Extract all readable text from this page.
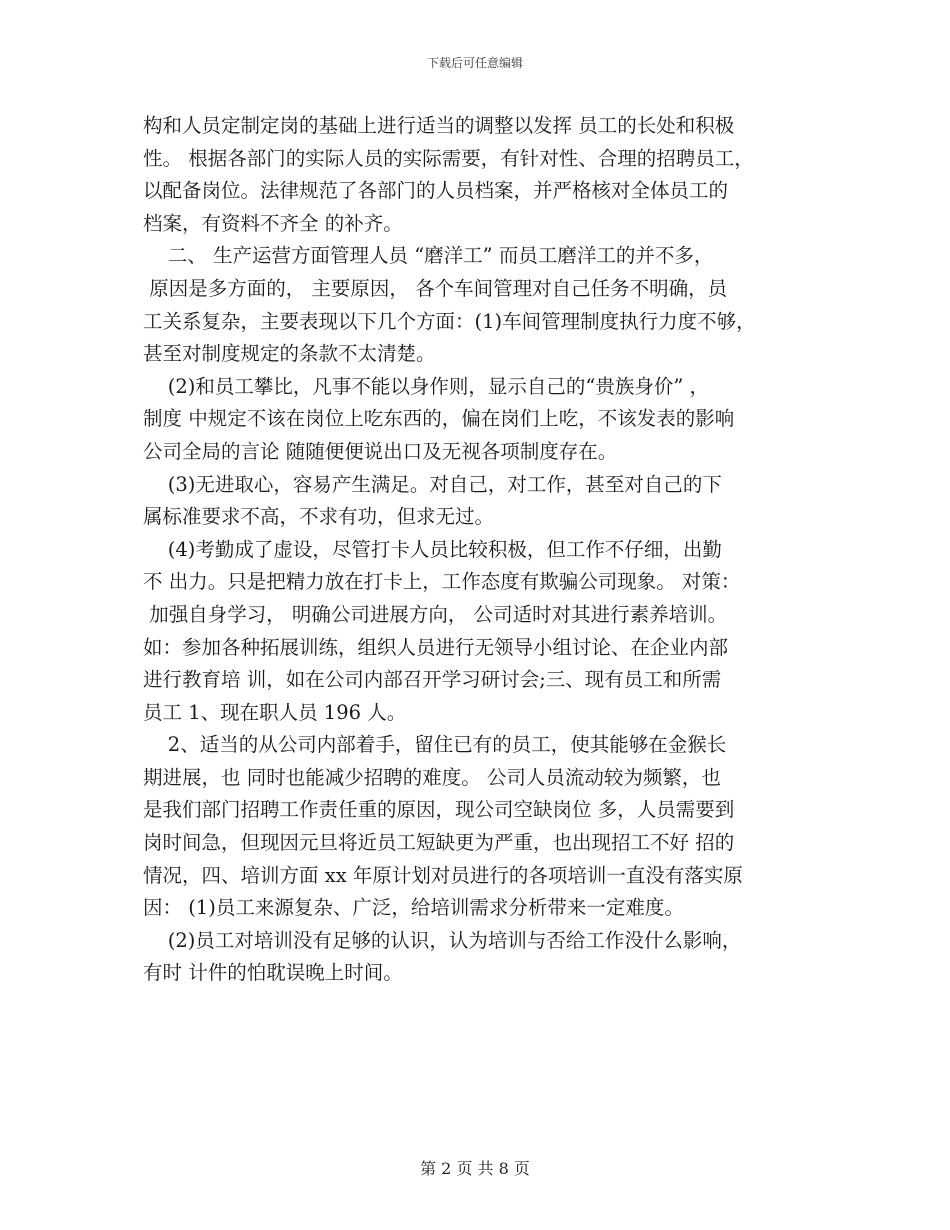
下载后可任意编辑
构和人员定制定岗的基础上进行适当的调整以发挥 员工的长处和积极
性。 根据各部门的实际人员的实际需要，有针对性、合理的招聘员工，
以配备岗位。法律规范了各部门的人员档案，并严格核对全体员工的
档案，有资料不齐全 的补齐。
二、 生产运营方面管理人员 “磨洋工” 而员工磨洋工的并不多，
原因是多方面的， 主要原因， 各个车间管理对自己任务不明确，员
工关系复杂，主要表现以下几个方面：(1)车间管理制度执行力度不够，
甚至对制度规定的条款不太清楚。
(2)和员工攀比，凡事不能以身作则，显示自己的“贵族身价” ，
制度 中规定不该在岗位上吃东西的，偏在岗们上吃，不该发表的影响
公司全局的言论 随随便便说出口及无视各项制度存在。
(3)无进取心，容易产生满足。对自己，对工作，甚至对自己的下
属标准要求不高，不求有功，但求无过。
(4)考勤成了虚设，尽管打卡人员比较积极，但工作不仔细，出勤
不 出力。只是把精力放在打卡上，工作态度有欺骗公司现象。 对策：
加强自身学习， 明确公司进展方向， 公司适时对其进行素养培训。
如：参加各种拓展训练，组织人员进行无领导小组讨论、在企业内部
进行教育培 训，如在公司内部召开学习研讨会;三、现有员工和所需
员工 1、现在职人员 196 人。
2、适当的从公司内部着手，留住已有的员工，使其能够在金猴长
期进展，也 同时也能减少招聘的难度。 公司人员流动较为频繁，也
是我们部门招聘工作责任重的原因，现公司空缺岗位 多，人员需要到
岗时间急，但现因元旦将近员工短缺更为严重，也出现招工不好 招的
情况，四、培训方面 xx 年原计划对员进行的各项培训一直没有落实原
因： (1)员工来源复杂、广泛，给培训需求分析带来一定难度。
(2)员工对培训没有足够的认识，认为培训与否给工作没什么影响，
有时 计件的怕耽误晚上时间。
第 2 页 共 8 页
